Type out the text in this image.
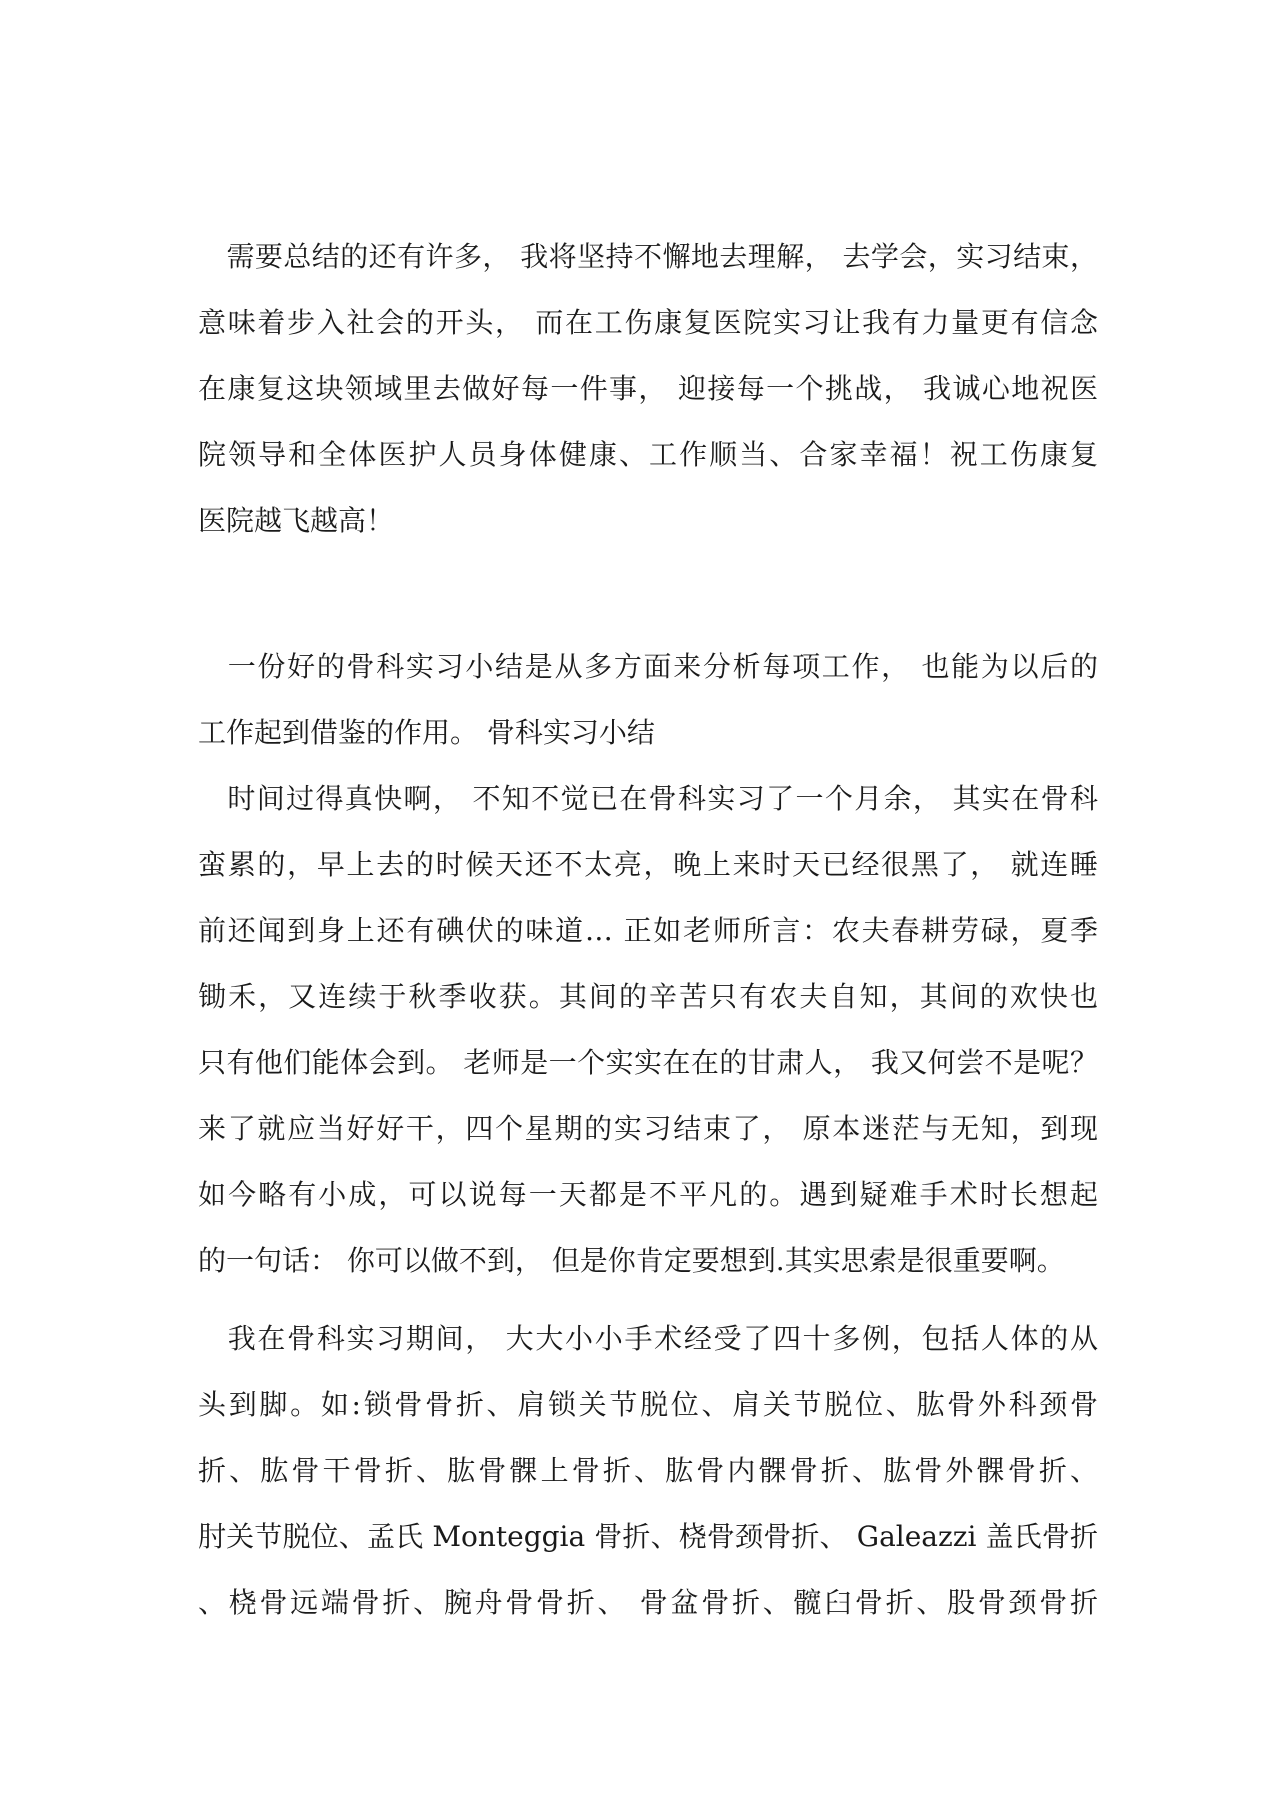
　需要总结的还有许多， 我将坚持不懈地去理解， 去学会，实习结束，
意味着步入社会的开头， 而在工伤康复医院实习让我有力量更有信念
在康复这块领域里去做好每一件事， 迎接每一个挑战， 我诚心地祝医
院领导和全体医护人员身体健康、工作顺当、合家幸福！祝工伤康复
医院越飞越高！
　一份好的骨科实习小结是从多方面来分析每项工作， 也能为以后的
工作起到借鉴的作用。 骨科实习小结
　时间过得真快啊， 不知不觉已在骨科实习了一个月余， 其实在骨科
蛮累的，早上去的时候天还不太亮，晚上来时天已经很黑了， 就连睡
前还闻到身上还有碘伏的味道… 正如老师所言：农夫春耕劳碌，夏季
锄禾，又连续于秋季收获。其间的辛苦只有农夫自知，其间的欢快也
只有他们能体会到。 老师是一个实实在在的甘肃人， 我又何尝不是呢？
来了就应当好好干，四个星期的实习结束了， 原本迷茫与无知，到现
如今略有小成，可以说每一天都是不平凡的。遇到疑难手术时长想起
的一句话： 你可以做不到， 但是你肯定要想到.其实思索是很重要啊。
　我在骨科实习期间， 大大小小手术经受了四十多例，包括人体的从
头到脚。如:锁骨骨折、肩锁关节脱位、肩关节脱位、肱骨外科颈骨
折、肱骨干骨折、肱骨髁上骨折、肱骨内髁骨折、肱骨外髁骨折、
肘关节脱位、孟氏 Monteggia 骨折、桡骨颈骨折、 Galeazzi 盖氏骨折
、桡骨远端骨折、腕舟骨骨折、 骨盆骨折、髋臼骨折、股骨颈骨折
